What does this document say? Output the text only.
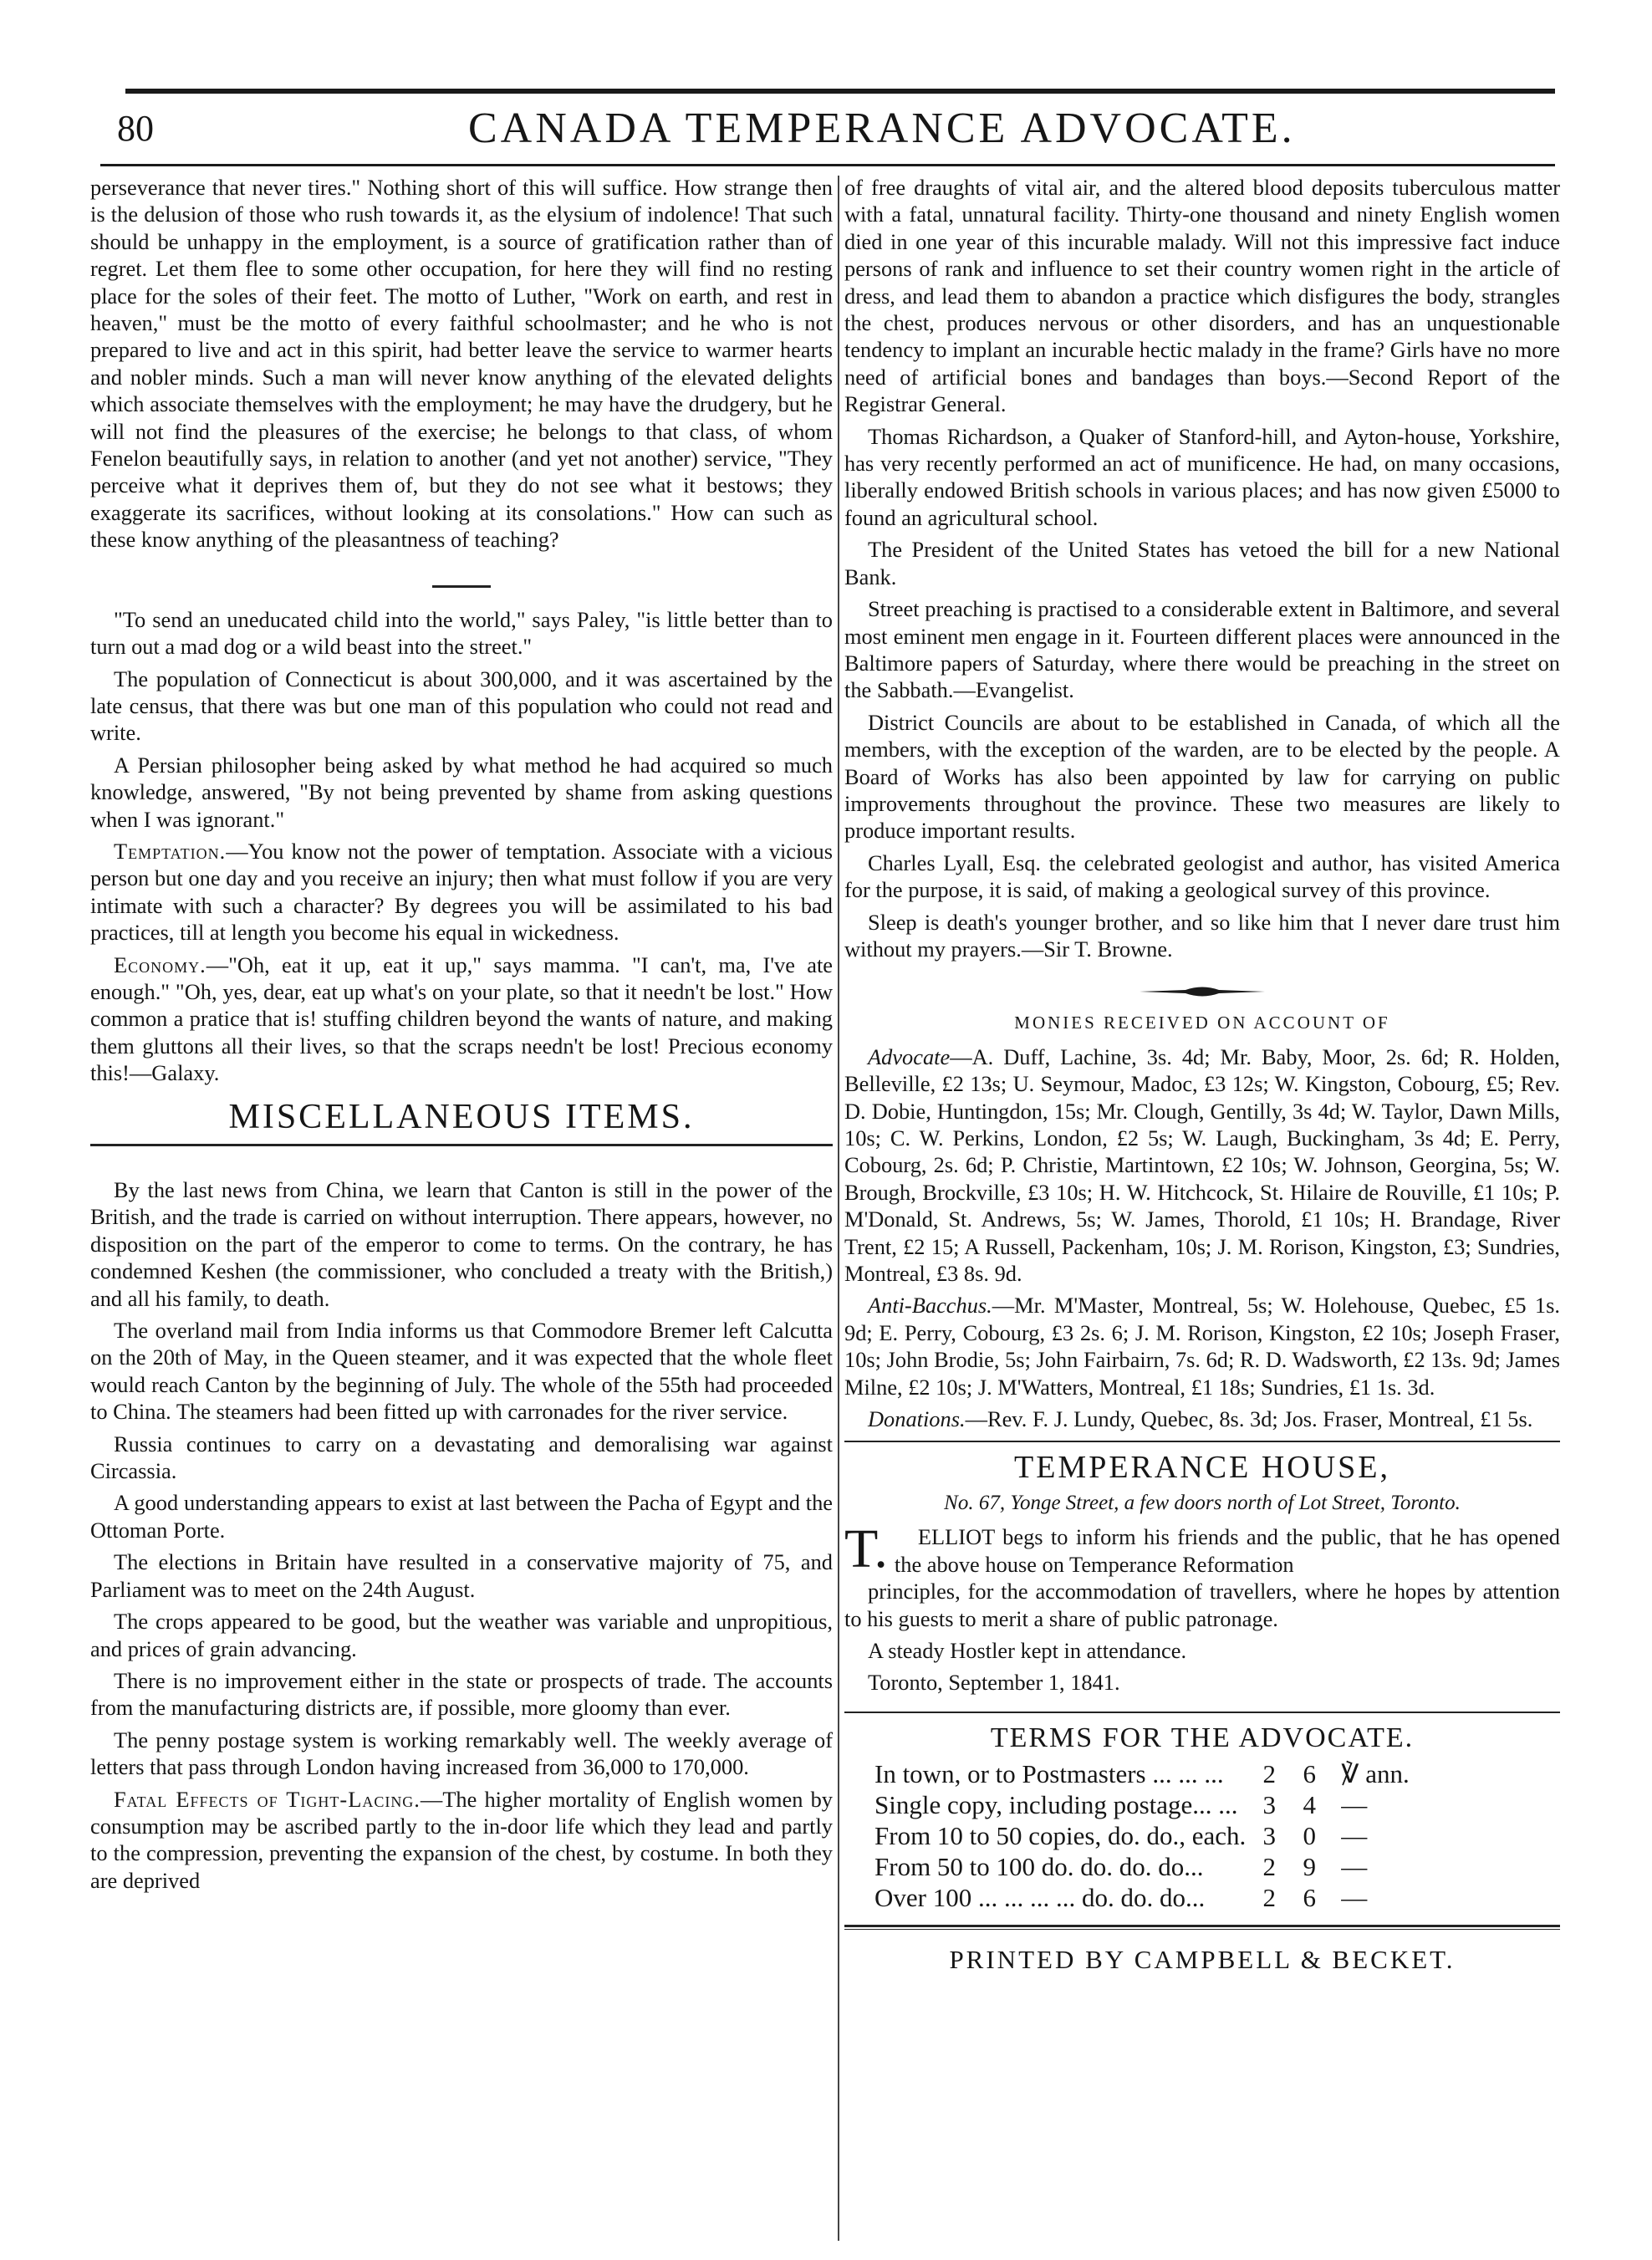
80	CANADA TEMPERANCE ADVOCATE.

perseverance that never tires." Nothing short of this will suffice. How strange then is the delusion of those who rush towards it, as the elysium of indolence! That such should be unhappy in the employment, is a source of gratification rather than of regret. Let them flee to some other occupation, for here they will find no resting place for the soles of their feet. The motto of Luther, "Work on earth, and rest in heaven," must be the motto of every faithful schoolmaster; and he who is not prepared to live and act in this spirit, had better leave the service to warmer hearts and nobler minds. Such a man will never know anything of the elevated delights which associate themselves with the employment; he may have the drudgery, but he will not find the pleasures of the exercise; he belongs to that class, of whom Fenelon beautifully says, in relation to another (and yet not another) service, "They perceive what it deprives them of, but they do not see what it bestows; they exaggerate its sacrifices, without looking at its consolations." How can such as these know anything of the pleasantness of teaching?

"To send an uneducated child into the world," says Paley, "is little better than to turn out a mad dog or a wild beast into the street."

The population of Connecticut is about 300,000, and it was ascertained by the late census, that there was but one man of this population who could not read and write.

A Persian philosopher being asked by what method he had acquired so much knowledge, answered, "By not being prevented by shame from asking questions when I was ignorant."

Temptation.—You know not the power of temptation. Associate with a vicious person but one day and you receive an injury; then what must follow if you are very intimate with such a character? By degrees you will be assimilated to his bad practices, till at length you become his equal in wickedness.

Economy.—"Oh, eat it up, eat it up," says mamma. "I can't, ma, I've ate enough." "Oh, yes, dear, eat up what's on your plate, so that it needn't be lost." How common a pratice that is! stuffing children beyond the wants of nature, and making them gluttons all their lives, so that the scraps needn't be lost! Precious economy this!—Galaxy.

MISCELLANEOUS ITEMS.

By the last news from China, we learn that Canton is still in the power of the British, and the trade is carried on without interruption. There appears, however, no disposition on the part of the emperor to come to terms. On the contrary, he has condemned Keshen (the commissioner, who concluded a treaty with the British,) and all his family, to death.

The overland mail from India informs us that Commodore Bremer left Calcutta on the 20th of May, in the Queen steamer, and it was expected that the whole fleet would reach Canton by the beginning of July. The whole of the 55th had proceeded to China. The steamers had been fitted up with carronades for the river service.

Russia continues to carry on a devastating and demoralising war against Circassia.

A good understanding appears to exist at last between the Pacha of Egypt and the Ottoman Porte.

The elections in Britain have resulted in a conservative majority of 75, and Parliament was to meet on the 24th August.

The crops appeared to be good, but the weather was variable and unpropitious, and prices of grain advancing.

There is no improvement either in the state or prospects of trade. The accounts from the manufacturing districts are, if possible, more gloomy than ever.

The penny postage system is working remarkably well. The weekly average of letters that pass through London having increased from 36,000 to 170,000.

Fatal Effects of Tight-Lacing.—The higher mortality of English women by consumption may be ascribed partly to the in-door life which they lead and partly to the compression, preventing the expansion of the chest, by costume. In both they are deprived

of free draughts of vital air, and the altered blood deposits tuberculous matter with a fatal, unnatural facility. Thirty-one thousand and ninety English women died in one year of this incurable malady. Will not this impressive fact induce persons of rank and influence to set their country women right in the article of dress, and lead them to abandon a practice which disfigures the body, strangles the chest, produces nervous or other disorders, and has an unquestionable tendency to implant an incurable hectic malady in the frame? Girls have no more need of artificial bones and bandages than boys.—Second Report of the Registrar General.

Thomas Richardson, a Quaker of Stanford-hill, and Ayton-house, Yorkshire, has very recently performed an act of munificence. He had, on many occasions, liberally endowed British schools in various places; and has now given £5000 to found an agricultural school.

The President of the United States has vetoed the bill for a new National Bank.

Street preaching is practised to a considerable extent in Baltimore, and several most eminent men engage in it. Fourteen different places were announced in the Baltimore papers of Saturday, where there would be preaching in the street on the Sabbath.—Evangelist.

District Councils are about to be established in Canada, of which all the members, with the exception of the warden, are to be elected by the people. A Board of Works has also been appointed by law for carrying on public improvements throughout the province. These two measures are likely to produce important results.

Charles Lyall, Esq. the celebrated geologist and author, has visited America for the purpose, it is said, of making a geological survey of this province.

Sleep is death's younger brother, and so like him that I never dare trust him without my prayers.—Sir T. Browne.

MONIES RECEIVED ON ACCOUNT OF

Advocate—A. Duff, Lachine, 3s. 4d; Mr. Baby, Moor, 2s. 6d; R. Holden, Belleville, £2 13s; U. Seymour, Madoc, £3 12s; W. Kingston, Cobourg, £5; Rev. D. Dobie, Huntingdon, 15s; Mr. Clough, Gentilly, 3s 4d; W. Taylor, Dawn Mills, 10s; C. W. Perkins, London, £2 5s; W. Laugh, Buckingham, 3s 4d; E. Perry, Cobourg, 2s. 6d; P. Christie, Martintown, £2 10s; W. Johnson, Georgina, 5s; W. Brough, Brockville, £3 10s; H. W. Hitchcock, St. Hilaire de Rouville, £1 10s; P. M'Donald, St. Andrews, 5s; W. James, Thorold, £1 10s; H. Brandage, River Trent, £2 15; A Russell, Packenham, 10s; J. M. Rorison, Kingston, £3; Sundries, Montreal, £3 8s. 9d.

Anti-Bacchus.—Mr. M'Master, Montreal, 5s; W. Holehouse, Quebec, £5 1s. 9d; E. Perry, Cobourg, £3 2s. 6; J. M. Rorison, Kingston, £2 10s; Joseph Fraser, 10s; John Brodie, 5s; John Fairbairn, 7s. 6d; R. D. Wadsworth, £2 13s. 9d; James Milne, £2 10s; J. M'Watters, Montreal, £1 18s; Sundries, £1 1s. 3d.

Donations.—Rev. F. J. Lundy, Quebec, 8s. 3d; Jos. Fraser, Montreal, £1 5s.

TEMPERANCE HOUSE,
No. 67, Yonge Street, a few doors north of Lot Street, Toronto.
T.	ELLIOT begs to inform his friends and the public, that he has opened the above house on Temperance Reformation

principles, for the accommodation of travellers, where he hopes by attention to his guests to merit a share of public patronage.

A steady Hostler kept in attendance.

Toronto, September 1, 1841.

TERMS FOR THE ADVOCATE.
In town, or to Postmasters ... ... ...	2	6	℣ ann.
Single copy, including postage... ...	3	4	—
From 10 to 50 copies, do. do., each.	3	0	—
From 50 to 100 do. do. do. do...	2	9	—
Over 100 ... ... ... ... do. do. do...	2	6	—
PRINTED BY CAMPBELL & BECKET.
